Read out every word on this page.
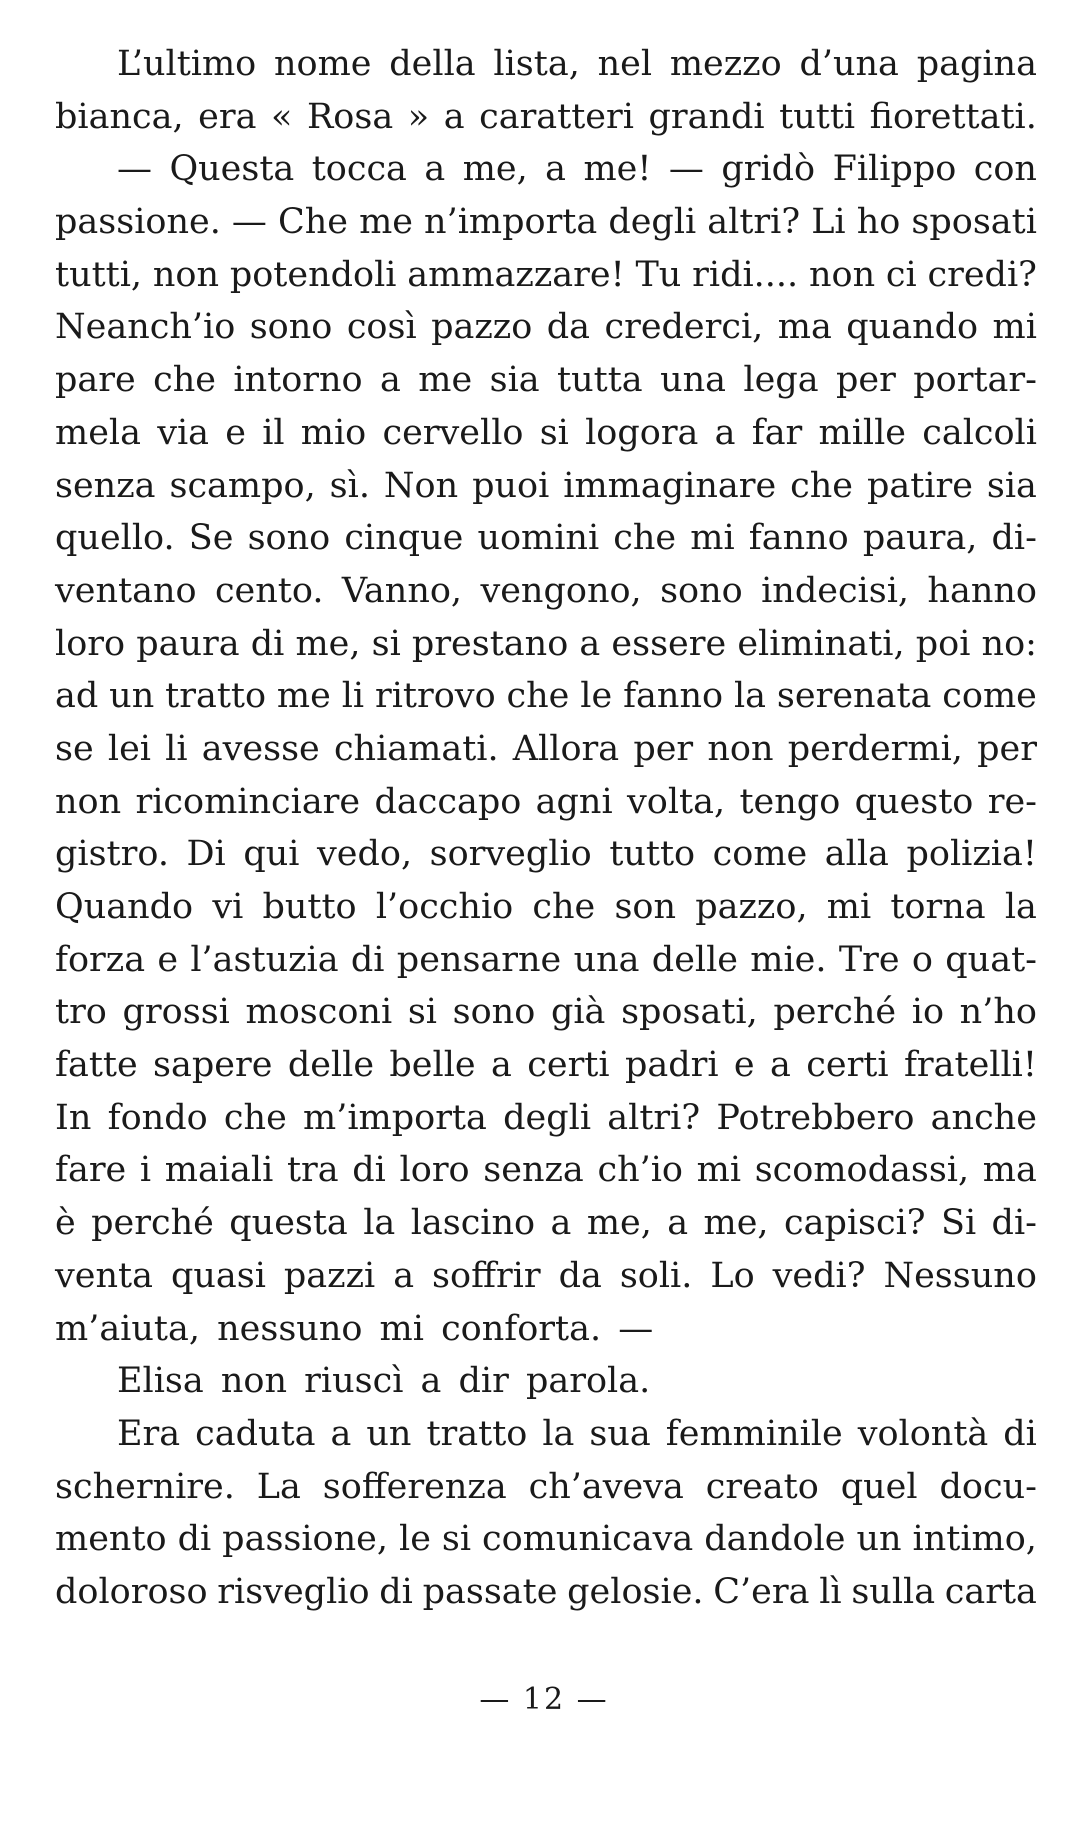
L’ultimo nome della lista, nel mezzo d’una pagina
bianca, era « Rosa » a caratteri grandi tutti fiorettati.
— Questa tocca a me, a me! — gridò Filippo con
passione. — Che me n’importa degli altri? Li ho sposati
tutti, non potendoli ammazzare! Tu ridi.... non ci credi?
Neanch’io sono così pazzo da crederci, ma quando mi
pare che intorno a me sia tutta una lega per portar-
mela via e il mio cervello si logora a far mille calcoli
senza scampo, sì. Non puoi immaginare che patire sia
quello. Se sono cinque uomini che mi fanno paura, di-
ventano cento. Vanno, vengono, sono indecisi, hanno
loro paura di me, si prestano a essere eliminati, poi no:
ad un tratto me li ritrovo che le fanno la serenata come
se lei li avesse chiamati. Allora per non perdermi, per
non ricominciare daccapo agni volta, tengo questo re-
gistro. Di qui vedo, sorveglio tutto come alla polizia!
Quando vi butto l’occhio che son pazzo, mi torna la
forza e l’astuzia di pensarne una delle mie. Tre o quat-
tro grossi mosconi si sono già sposati, perché io n’ho
fatte sapere delle belle a certi padri e a certi fratelli!
In fondo che m’importa degli altri? Potrebbero anche
fare i maiali tra di loro senza ch’io mi scomodassi, ma
è perché questa la lascino a me, a me, capisci? Si di-
venta quasi pazzi a soffrir da soli. Lo vedi? Nessuno
m’aiuta, nessuno mi conforta. —
Elisa non riuscì a dir parola.
Era caduta a un tratto la sua femminile volontà di
schernire. La sofferenza ch’aveva creato quel docu-
mento di passione, le si comunicava dandole un intimo,
doloroso risveglio di passate gelosie. C’era lì sulla carta
— 12 —
